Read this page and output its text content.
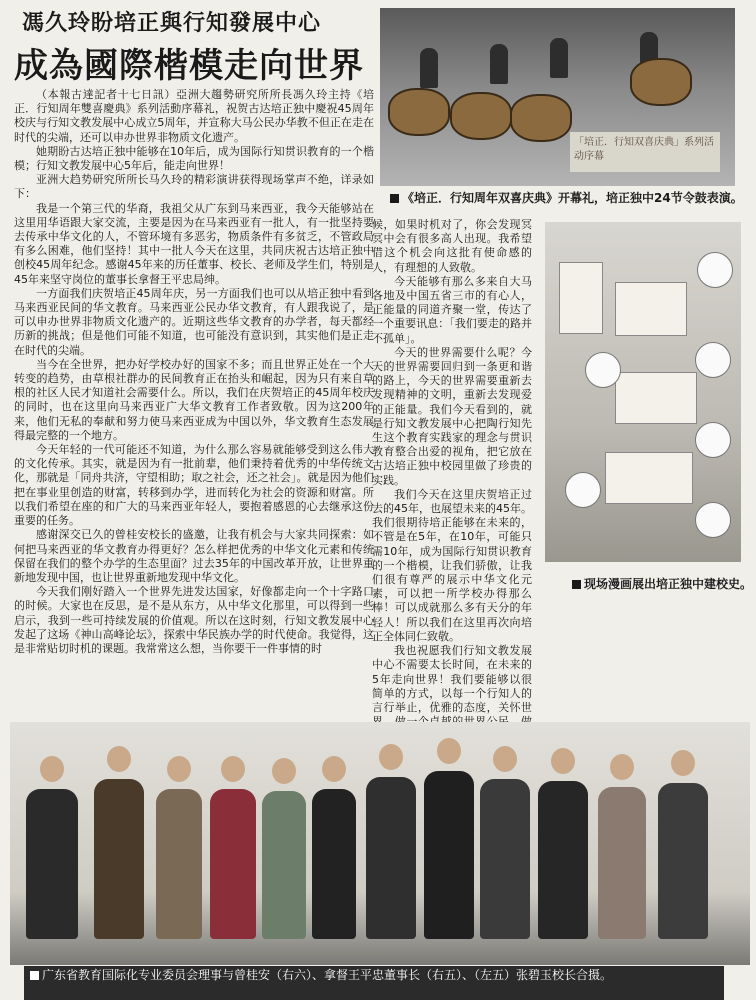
馮久玲盼培正與行知發展中心
成為國際楷模走向世界
「培正．行知双喜庆典」系列活动序幕
《培正．行知周年双喜庆典》开幕礼，培正独中24节令鼓表演。

（本報古達記者十七日訊）亞洲大趨勢研究所所長馮久玲主持《培正．行知周年雙喜慶典》系列活動序幕礼，祝贺古达培正独中慶祝45周年校庆与行知文教发展中心成立5周年，并宣称大马公民办华教不但正在走在时代的尖端，还可以申办世界非物质文化遗产。

她期盼古达培正独中能够在10年后，成为国际行知贯识教育的一个楷模；行知文教发展中心5年后，能走向世界！

亚洲大趋势研究所所长马久玲的精彩演讲获得现场掌声不绝，详录如下：

我是一个第三代的华裔，我祖父从广东到马来西亚，我今天能够站在这里用华语跟大家交流，主要是因为在马来西亚有一批人，有一批坚持要去传承中华文化的人，不管环境有多恶劣，物质条件有多贫乏，不管政局有多么困难，他们坚持！其中一批人今天在这里，共同庆祝古达培正独中创校45周年纪念。感谢45年来的历任董事、校长、老师及学生们，特别是45年来坚守岗位的董事长拿督王平忠局绅。

一方面我们庆贺培正45周年庆，另一方面我们也可以从培正独中看到马来西亚民间的华文教育。马来西亚公民办华文教育，有人跟我说了，是可以申办世界非物质文化遗产的。近期这些华文教育的办学者，每天都经历新的挑战；但是他们可能不知道，也可能没有意识到，其实他们是正走在时代的尖端。

当今在全世界，把办好学校办好的国家不多；而且世界正处在一个大转变的趋势，由草根社群办的民间教育正在抬头和崛起，因为只有来自草根的社区人民才知道社会需要什么。所以，我们在庆贺培正的45周年校庆的同时，也在这里向马来西亚广大华文教育工作者致敬。因为这200年来，他们无私的奉献和努力使马来西亚成为中国以外，华文教育生态发展得最完整的一个地方。

今天年轻的一代可能还不知道，为什么那么容易就能够受到这么伟大的文化传承。其实，就是因为有一批前辈，他们秉持着优秀的中华传统文化，那就是「同舟共济，守望相助；取之社会，还之社会」。就是因为他们把在事业里创造的财富，转移到办学，进而转化为社会的资源和财富。所以我们希望在座的和广大的马来西亚年轻人，要抱着感恩的心去继承这份重要的任务。

感谢深交已久的曾桂安校长的盛邀，让我有机会与大家共同探索：如何把马来西亚的华文教育办得更好？怎么样把优秀的中华文化元素和传统保留在我们的整个办学的生态里面？过去35年的中国改革开放，让世界重新地发现中国，也让世界重新地发现中华文化。

今天我们刚好踏入一个世界先进发达国家，好像都走向一个十字路口的时候。大家也在反思，是不是从东方，从中华文化那里，可以得到一些启示，我到一些可持续发展的价值观。所以在这时刻，行知文教发展中心发起了这场《神山高峰论坛》，探索中华民族办学的时代使命。我觉得，这是非常贴切时机的课题。我常常这么想，当你要干一件事情的时

候，如果时机对了，你会发现冥冥中会有很多高人出现。我希望借这个机会向这批有使命感的人，有理想的人致敬。

今天能够有那么多来自大马各地及中国五省三市的有心人，正能量的同道齐聚一堂，传达了一个重要讯息：「我们要走的路并不孤单」。

今天的世界需要什么呢？今天的世界需要回归到一条更和谐的路上，今天的世界需要重新去发现精神的文明，重新去发现爱的正能量。我们今天看到的，就是行知文教发展中心把陶行知先生这个教育实践家的理念与贯识教育整合出爱的视角，把它放在古达培正独中校园里做了珍贵的实践。

我们今天在这里庆贺培正过去的45年，也展望未来的45年。我们很期待培正能够在未来的，不管是在5年，在10年，可能只需10年，成为国际行知贯识教育的一个楷模，让我们骄傲，让我们很有尊严的展示中华文化元素，可以把一所学校办得那么棒！可以成就那么多有天分的年轻人！所以我们在这里再次向培正全体同仁致敬。

我也祝愿我们行知文教发展中心不需要太长时间，在未来的5年走向世界！我们要能够以很简单的方式，以每一个行知人的言行举止，优雅的态度，关怀世

现场漫画展出培正独中建校史。
广东省教育国际化专业委员会理事与曾桂安（右六）、拿督王平忠董事长（右五）、（左五）张碧玉校长合摄。
